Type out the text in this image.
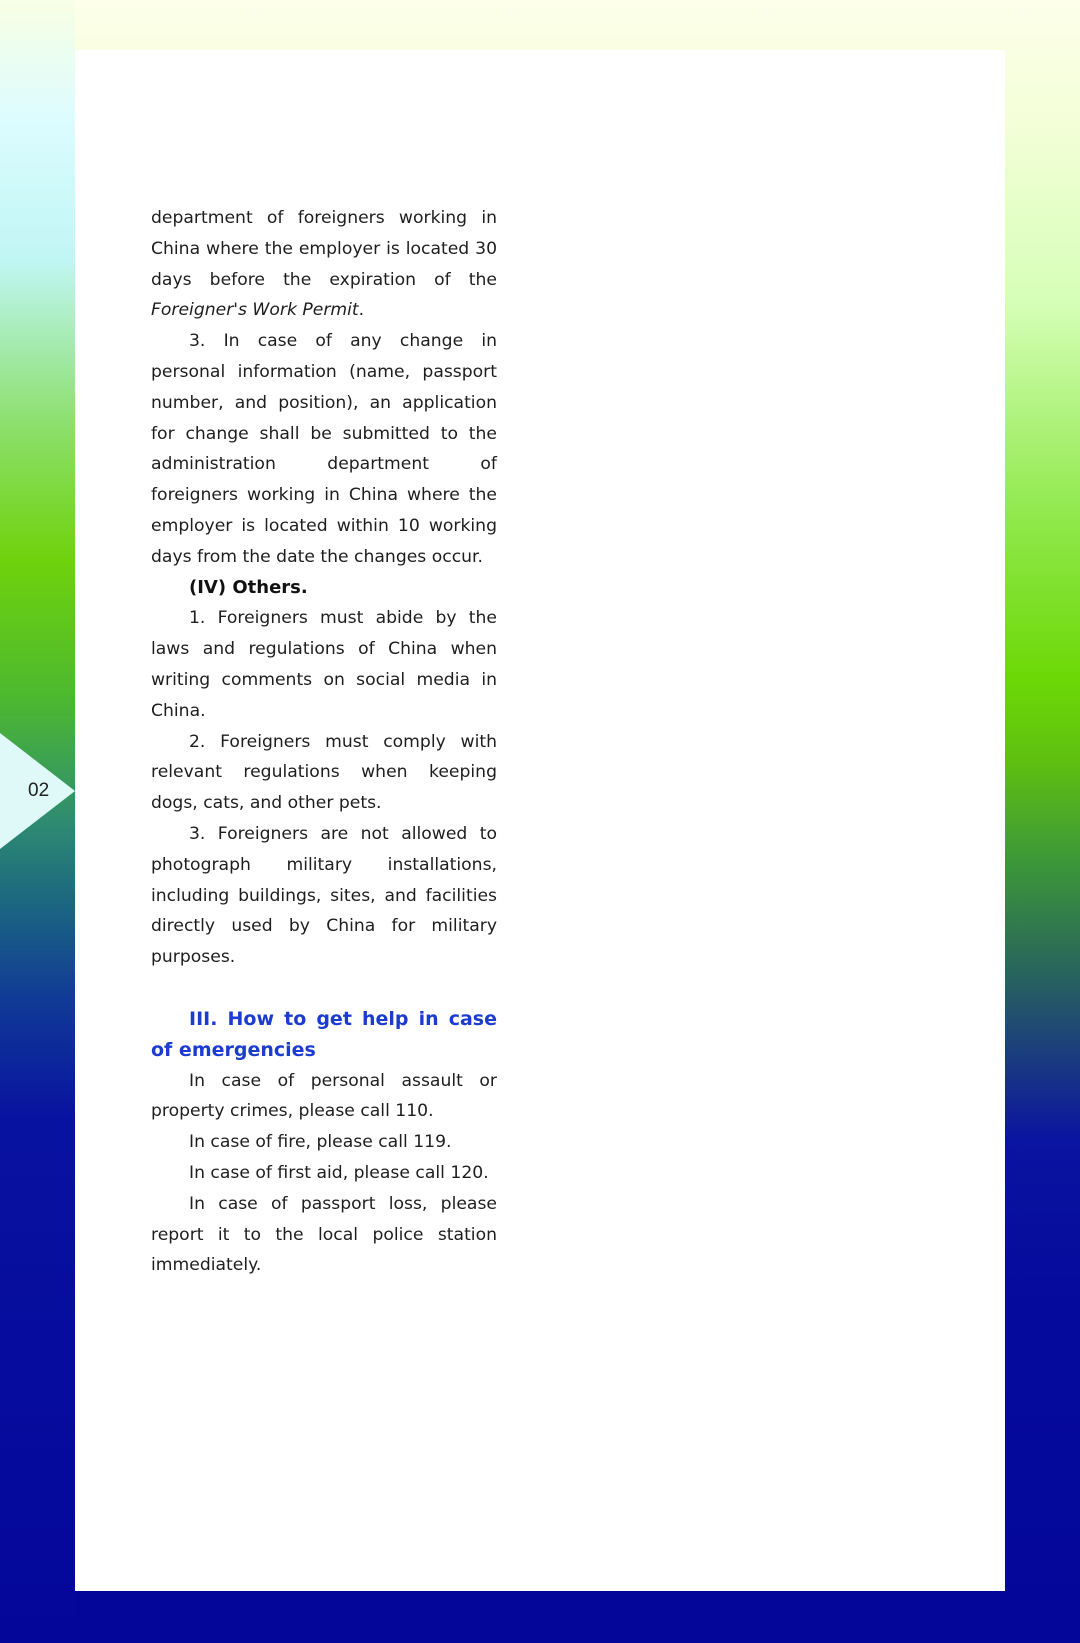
02

department of foreigners working in China where the employer is located 30 days before the expiration of the Foreigner's Work Permit.

3. In case of any change in personal information (name, passport number, and position), an application for change shall be submitted to the administration department of foreigners working in China where the employer is located within 10 working days from the date the changes occur.

(IV) Others.

1. Foreigners must abide by the laws and regulations of China when writing comments on social media in China.

2. Foreigners must comply with relevant regulations when keeping dogs, cats, and other pets.

3. Foreigners are not allowed to photograph military installations, including buildings, sites, and facilities directly used by China for military purposes.

III. How to get help in case of emergencies

In case of personal assault or property crimes, please call 110.

In case of fire, please call 119.

In case of first aid, please call 120.

In case of passport loss, please report it to the local police station immediately.
